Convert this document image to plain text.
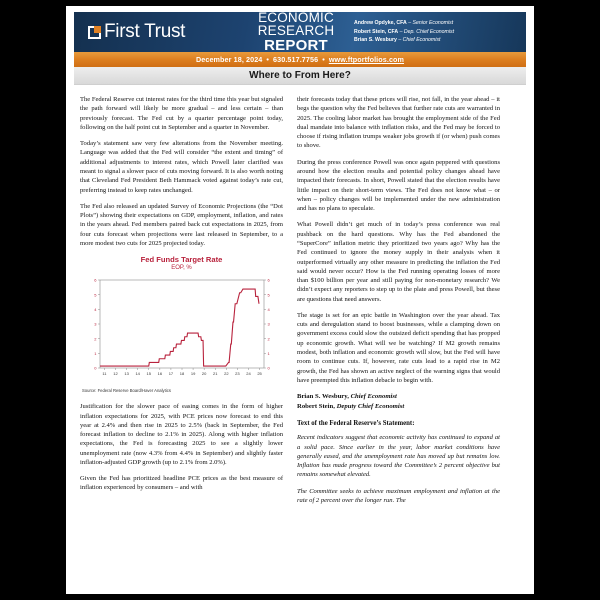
First Trust
ECONOMIC RESEARCH
REPORT
Andrew Opdyke, CFA – Senior Economist
Robert Stein, CFA – Dep. Chief Economist
Brian S. Wesbury – Chief Economist
December 18, 2024 • 630.517.7756 • www.ftportfolios.com
Where to From Here?

The Federal Reserve cut interest rates for the third time this year but signaled the path forward will likely be more gradual – and less certain – than previously forecast. The Fed cut by a quarter percentage point today, following on the half point cut in September and a quarter in November.

Today’s statement saw very few alterations from the November meeting. Language was added that the Fed will consider “the extent and timing” of additional adjustments to interest rates, which Powell later clarified was meant to signal a slower pace of cuts moving forward. It is also worth noting that Cleveland Fed President Beth Hammack voted against today’s rate cut, preferring instead to keep rates unchanged.

The Fed also released an updated Survey of Economic Projections (the “Dot Plots”) showing their expectations on GDP, employment, inflation, and rates in the years ahead. Fed members paired back cut expectations in 2025, from four cuts forecast when projections were last released in September, to a more modest two cuts for 2025 projected today.

Fed Funds Target Rate
EOP, %
0	0
1	1
2	2
3	3
4	4
5	5
6	6
11 12 13 14 15 16 17 18 19 20 21 22 23 24 25
Source: Federal Reserve Board/Haver Analytics

Justification for the slower pace of easing comes in the form of higher inflation expectations for 2025, with PCE prices now forecast to end this year at 2.4% and then rise in 2025 to 2.5% (back in September, the Fed forecast inflation to decline to 2.1% in 2025). Along with higher inflation expectations, the Fed is forecasting 2025 to see a slightly lower unemployment rate (now 4.3% from 4.4% in September) and slightly faster inflation-adjusted GDP growth (up to 2.1% from 2.0%).

Given the Fed has prioritized headline PCE prices as the best measure of inflation experienced by consumers – and with

their forecasts today that these prices will rise, not fall, in the year ahead – it begs the question why the Fed believes that further rate cuts are warranted in 2025. The cooling labor market has brought the employment side of the Fed dual mandate into balance with inflation risks, and the Fed may be forced to choose if rising inflation trumps weaker jobs growth if (or when) push comes to shove.

During the press conference Powell was once again peppered with questions around how the election results and potential policy changes ahead have impacted their forecasts. In short, Powell stated that the election results have little impact on their short-term views. The Fed does not know what – or when – policy changes will be implemented under the new administration and has no plans to speculate.

What Powell didn’t get much of in today’s press conference was real pushback on the hard questions. Why has the Fed abandoned the “SuperCore” inflation metric they prioritized two years ago? Why has the Fed continued to ignore the money supply in their analysis when it outperformed virtually any other measure in predicting the inflation the Fed said would never occur? How is the Fed running operating losses of more than $100 billion per year and still paying for non-monetary research? We didn’t expect any reporters to step up to the plate and press Powell, but these are questions that need answers.

The stage is set for an epic battle in Washington over the year ahead. Tax cuts and deregulation stand to boost businesses, while a clamping down on government excess could slow the outsized deficit spending that has propped up economic growth. What will we be watching? If M2 growth remains modest, both inflation and economic growth will slow, but the Fed will have room to continue cuts. If, however, rate cuts lead to a rapid rise in M2 growth, the Fed has shown an active neglect of the warning signs that would have preempted this inflation debacle to begin with.

Brian S. Wesbury, Chief Economist

Robert Stein, Deputy Chief Economist

Text of the Federal Reserve’s Statement:

Recent indicators suggest that economic activity has continued to expand at a solid pace. Since earlier in the year, labor market conditions have generally eased, and the unemployment rate has moved up but remains low. Inflation has made progress toward the Committee’s 2 percent objective but remains somewhat elevated.

The Committee seeks to achieve maximum employment and inflation at the rate of 2 percent over the longer run. The
